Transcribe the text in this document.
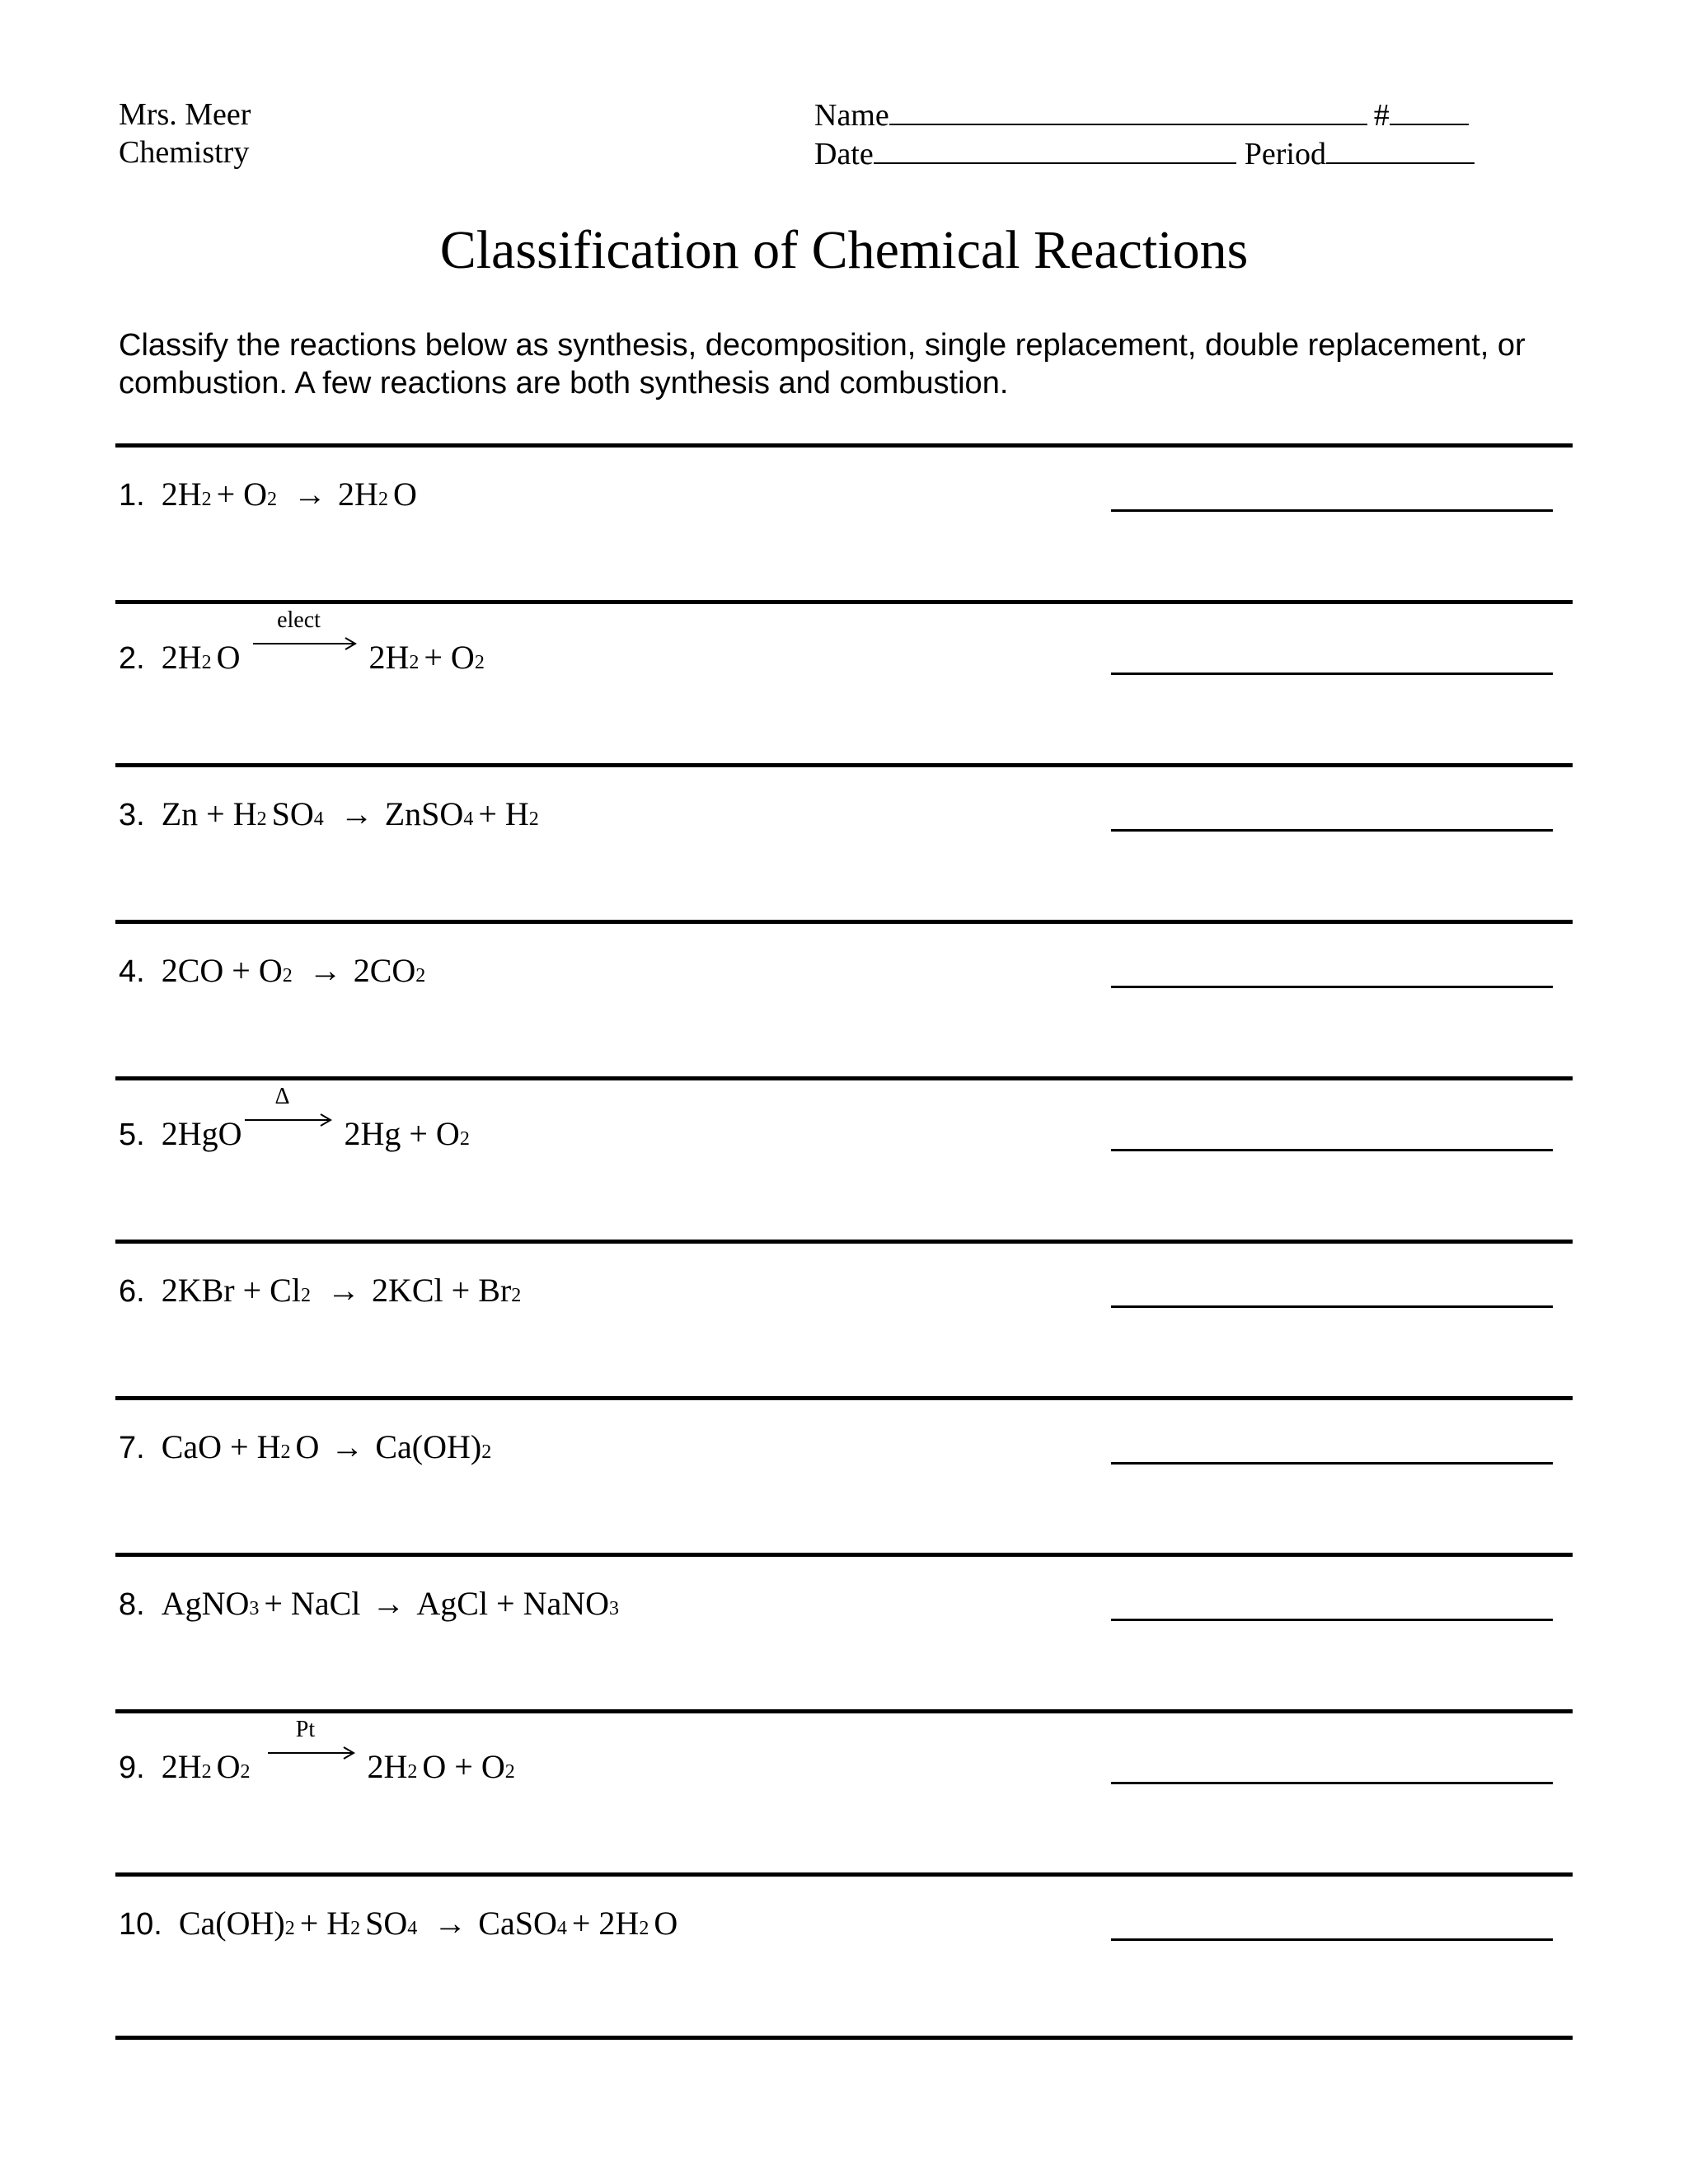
Mrs. Meer
Chemistry
Name	#
Date	Period
Classification of Chemical Reactions
Classify the reactions below as synthesis, decomposition, single replacement, double replacement, or combustion. A few reactions are both synthesis and combustion.
1. 2H 2 + O 2 → 2H 2 O
2. 2H 2 O
elect
2H 2 + O 2
3. Zn + H 2 SO 4 → ZnSO 4 + H 2
4. 2CO + O 2 → 2CO 2
5. 2HgO
Δ
2Hg + O 2
6. 2KBr + Cl 2 → 2KCl + Br 2
7. CaO + H 2 O → Ca(OH) 2
8. AgNO 3 + NaCl → AgCl + NaNO 3
9. 2H 2 O 2
Pt
2H 2 O + O 2
10. Ca(OH) 2 + H 2 SO 4 → CaSO 4 + 2H 2 O
